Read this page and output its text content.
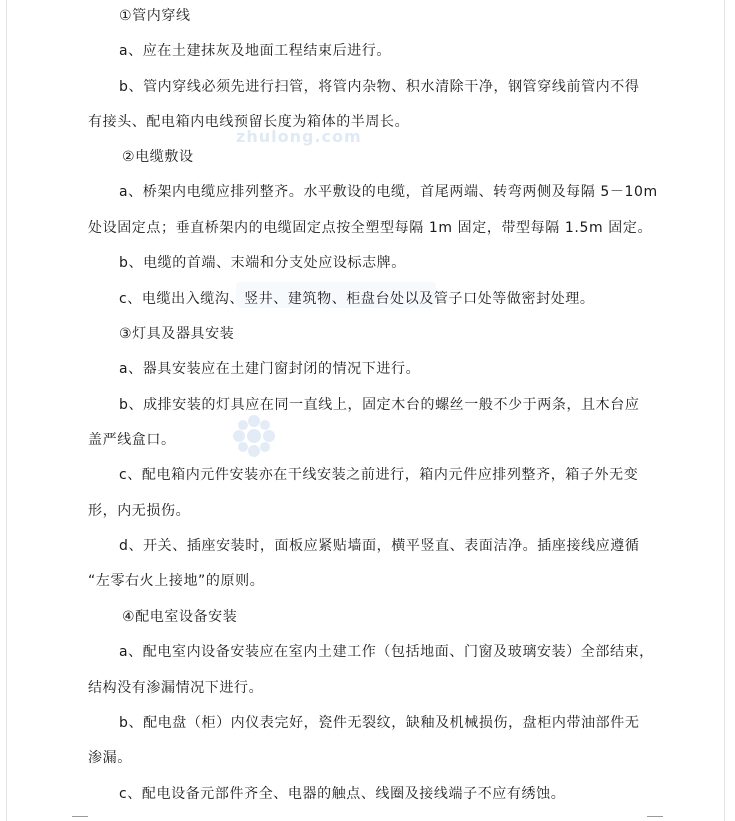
zhulong.com
①管内穿线
a、应在土建抹灰及地面工程结束后进行。
b、管内穿线必须先进行扫管，将管内杂物、积水清除干净，钢管穿线前管内不得
有接头、配电箱内电线预留长度为箱体的半周长。
②电缆敷设
a、桥架内电缆应排列整齐。水平敷设的电缆，首尾两端、转弯两侧及每隔 5－10m
处设固定点；垂直桥架内的电缆固定点按全塑型每隔 1m 固定，带型每隔 1.5m 固定。
b、电缆的首端、末端和分支处应设标志牌。
c、电缆出入缆沟、竖井、建筑物、柜盘台处以及管子口处等做密封处理。
③灯具及器具安装
a、器具安装应在土建门窗封闭的情况下进行。
b、成排安装的灯具应在同一直线上，固定木台的螺丝一般不少于两条，且木台应
盖严线盒口。
c、配电箱内元件安装亦在干线安装之前进行，箱内元件应排列整齐，箱子外无变
形，内无损伤。
d、开关、插座安装时，面板应紧贴墙面，横平竖直、表面洁净。插座接线应遵循
“左零右火上接地”的原则。
④配电室设备安装
a、配电室内设备安装应在室内土建工作（包括地面、门窗及玻璃安装）全部结束，
结构没有渗漏情况下进行。
b、配电盘（柜）内仪表完好，瓷件无裂纹，缺釉及机械损伤，盘柜内带油部件无
渗漏。
c、配电设备元部件齐全、电器的触点、线圈及接线端子不应有绣蚀。
